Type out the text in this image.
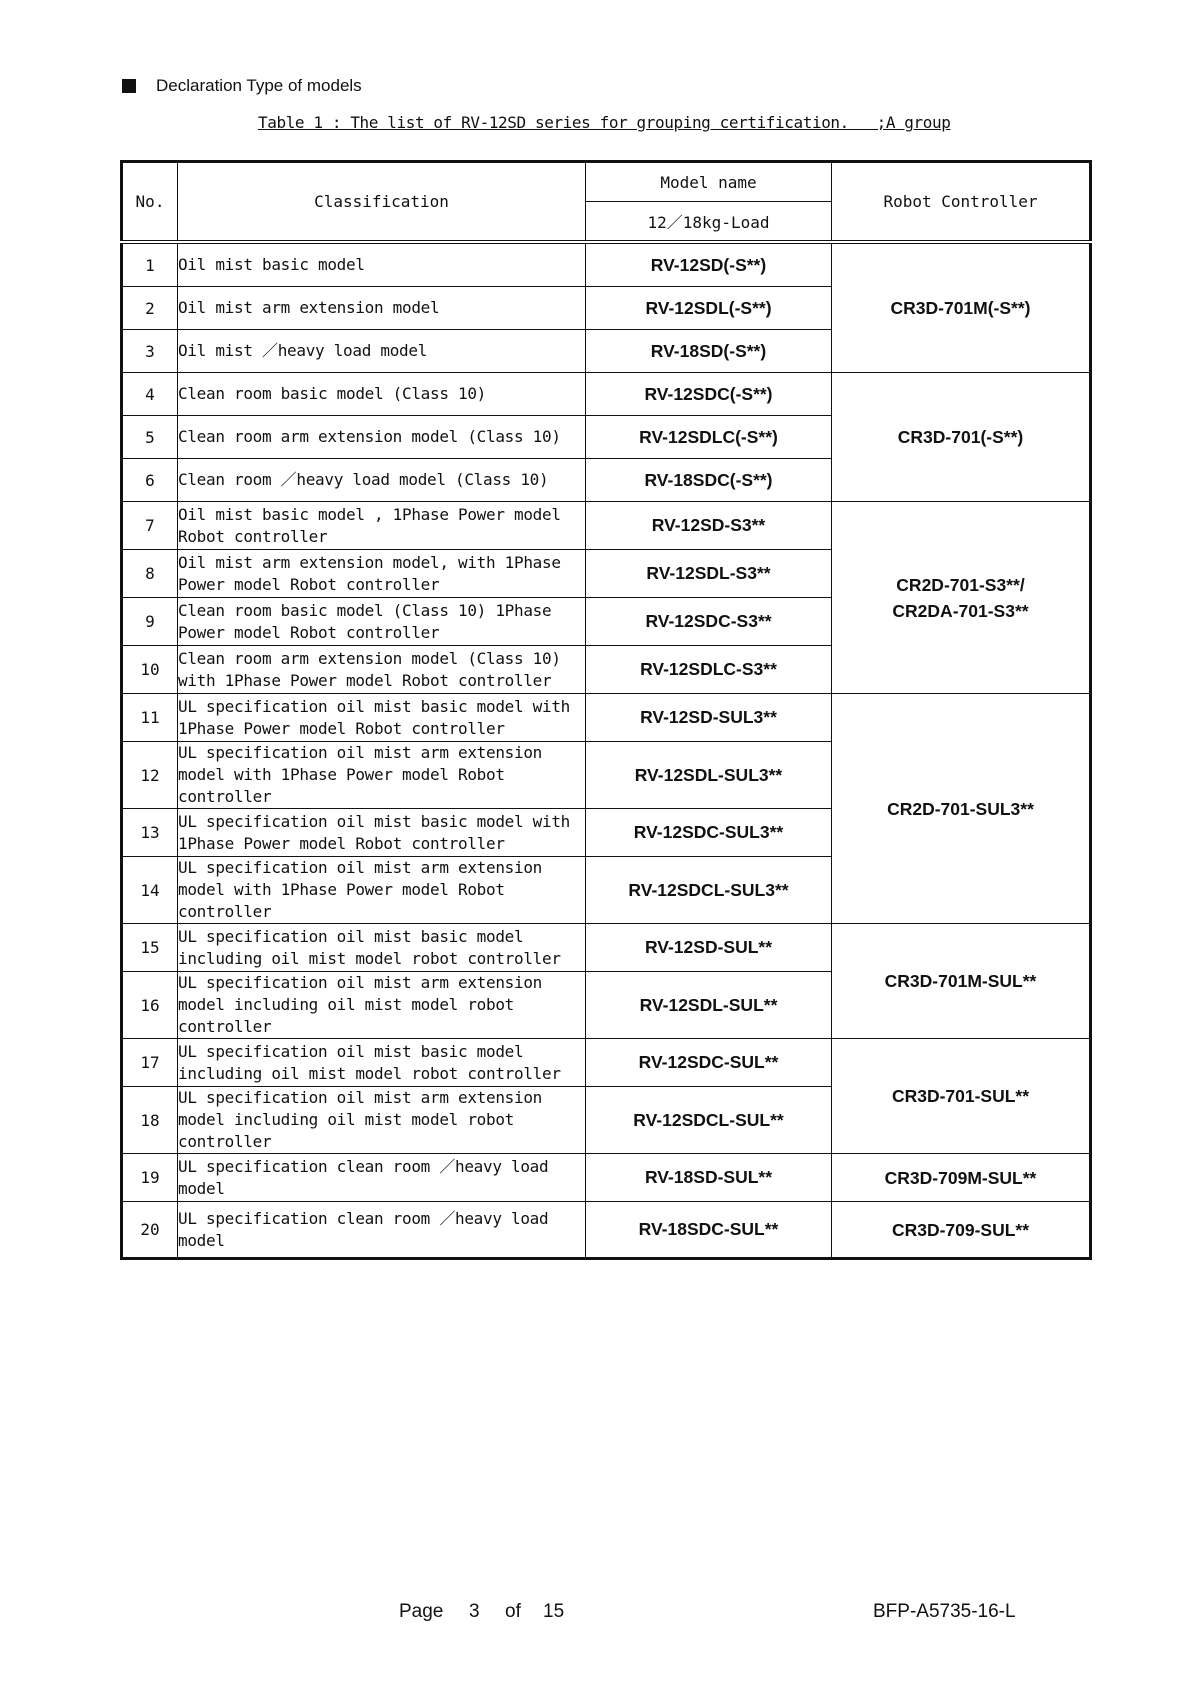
Declaration Type of models
Table 1 : The list of RV-12SD series for grouping certification.   ;A group
No.	Classification	Model name	Robot Controller
		12／18kg-Load	
1	Oil mist basic model	RV-12SD(-S**)	CR3D-701M(-S**)
2	Oil mist arm extension model	RV-12SDL(-S**)	
3	Oil mist ／heavy load model	RV-18SD(-S**)	
4	Clean room basic model (Class 10)	RV-12SDC(-S**)	CR3D-701(-S**)
5	Clean room arm extension model (Class 10)	RV-12SDLC(-S**)	
6	Clean room ／heavy load model (Class 10)	RV-18SDC(-S**)	
7	Oil mist basic model , 1Phase Power model Robot controller	RV-12SD-S3**	CR2D-701-S3**/
CR2DA-701-S3**

8	Oil mist arm extension model, with 1Phase Power model Robot controller	RV-12SDL-S3**	
9	Clean room basic model (Class 10) 1Phase Power model Robot controller	RV-12SDC-S3**	
10	Clean room arm extension model (Class 10) with 1Phase Power model Robot controller	RV-12SDLC-S3**	
11	UL specification oil mist basic model with 1Phase Power model Robot controller	RV-12SD-SUL3**	CR2D-701-SUL3**
12	UL specification oil mist arm extension model with 1Phase Power model Robot controller	RV-12SDL-SUL3**	
13	UL specification oil mist basic model with 1Phase Power model Robot controller	RV-12SDC-SUL3**	
14	UL specification oil mist arm extension model with 1Phase Power model Robot controller	RV-12SDCL-SUL3**	
15	UL specification oil mist basic model including oil mist model robot controller	RV-12SD-SUL**	CR3D-701M-SUL**
16	UL specification oil mist arm extension model including oil mist model robot controller	RV-12SDL-SUL**	
17	UL specification oil mist basic model including oil mist model robot controller	RV-12SDC-SUL**	CR3D-701-SUL**
18	UL specification oil mist arm extension model including oil mist model robot controller	RV-12SDCL-SUL**	
19	UL specification clean room ／heavy load model	RV-18SD-SUL**	CR3D-709M-SUL**
20	UL specification clean room ／heavy load model	RV-18SDC-SUL**	CR3D-709-SUL**
Page 3 of 15	BFP-A5735-16-L
